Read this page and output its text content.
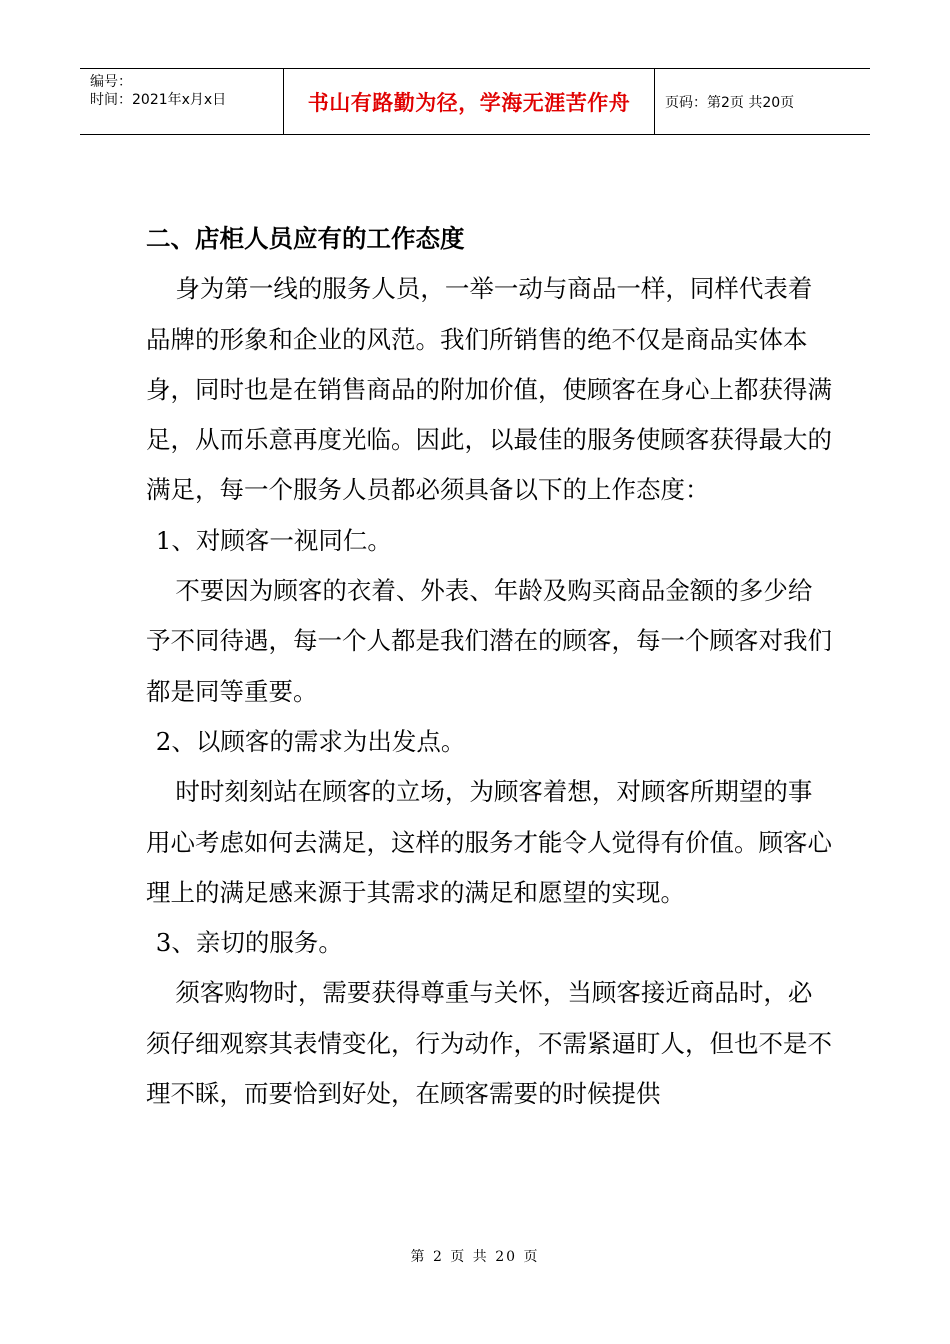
编号：
时间：2021年x月x日	书山有路勤为径，学海无涯苦作舟	页码：第2页 共20页

二、店柜人员应有的工作态度

身为第一线的服务人员，一举一动与商品一样，同样代表着品牌的形象和企业的风范。我们所销售的绝不仅是商品实体本身，同时也是在销售商品的附加价值，使顾客在身心上都获得满足，从而乐意再度光临。因此，以最佳的服务使顾客获得最大的满足，每一个服务人员都必须具备以下的上作态度：

1、对顾客一视同仁。

不要因为顾客的衣着、外表、年龄及购买商品金额的多少给予不同待遇，每一个人都是我们潜在的顾客，每一个顾客对我们都是同等重要。

2、以顾客的需求为出发点。

时时刻刻站在顾客的立场，为顾客着想，对顾客所期望的事用心考虑如何去满足，这样的服务才能令人觉得有价值。顾客心理上的满足感来源于其需求的满足和愿望的实现。

3、亲切的服务。

须客购物时，需要获得尊重与关怀，当顾客接近商品时，必须仔细观察其表情变化，行为动作，不需紧逼盯人，但也不是不理不睬，而要恰到好处，在顾客需要的时候提供

第 2 页 共 20 页
